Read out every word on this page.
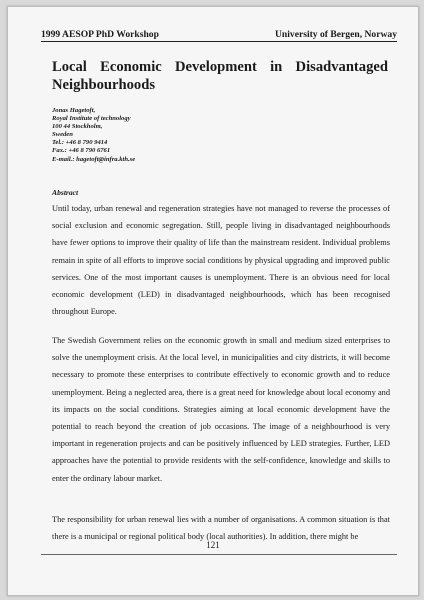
1999 AESOP PhD Workshop	University of Bergen, Norway
Local Economic Development in Disadvantaged Neighbourhoods
Jonas Hagetoft,
Royal Institute of technology
100 44 Stockholm,
Sweden
Tel.: +46 8 790 9414
Fax.: +46 8 790 6761
E-mail.: hagetoft@infra.kth.se
Abstract
Until today, urban renewal and regeneration strategies have not managed to reverse the processes of social exclusion and economic segregation. Still, people living in disadvantaged neighbourhoods have fewer options to improve their quality of life than the mainstream resident. Individual problems remain in spite of all efforts to improve social conditions by physical upgrading and improved public services. One of the most important causes is unemployment. There is an obvious need for local economic development (LED) in disadvantaged neighbourhoods, which has been recognised throughout Europe.
The Swedish Government relies on the economic growth in small and medium sized enterprises to solve the unemployment crisis. At the local level, in municipalities and city districts, it will become necessary to promote these enterprises to contribute effectively to economic growth and to reduce unemployment. Being a neglected area, there is a great need for knowledge about local economy and its impacts on the social conditions. Strategies aiming at local economic development have the potential to reach beyond the creation of job occasions. The image of a neighbourhood is very important in regeneration projects and can be positively influenced by LED strategies. Further, LED approaches have the potential to provide residents with the self-confidence, knowledge and skills to enter the ordinary labour market.
The responsibility for urban renewal lies with a number of organisations. A common situation is that there is a municipal or regional political body (local authorities). In addition, there might be
121
